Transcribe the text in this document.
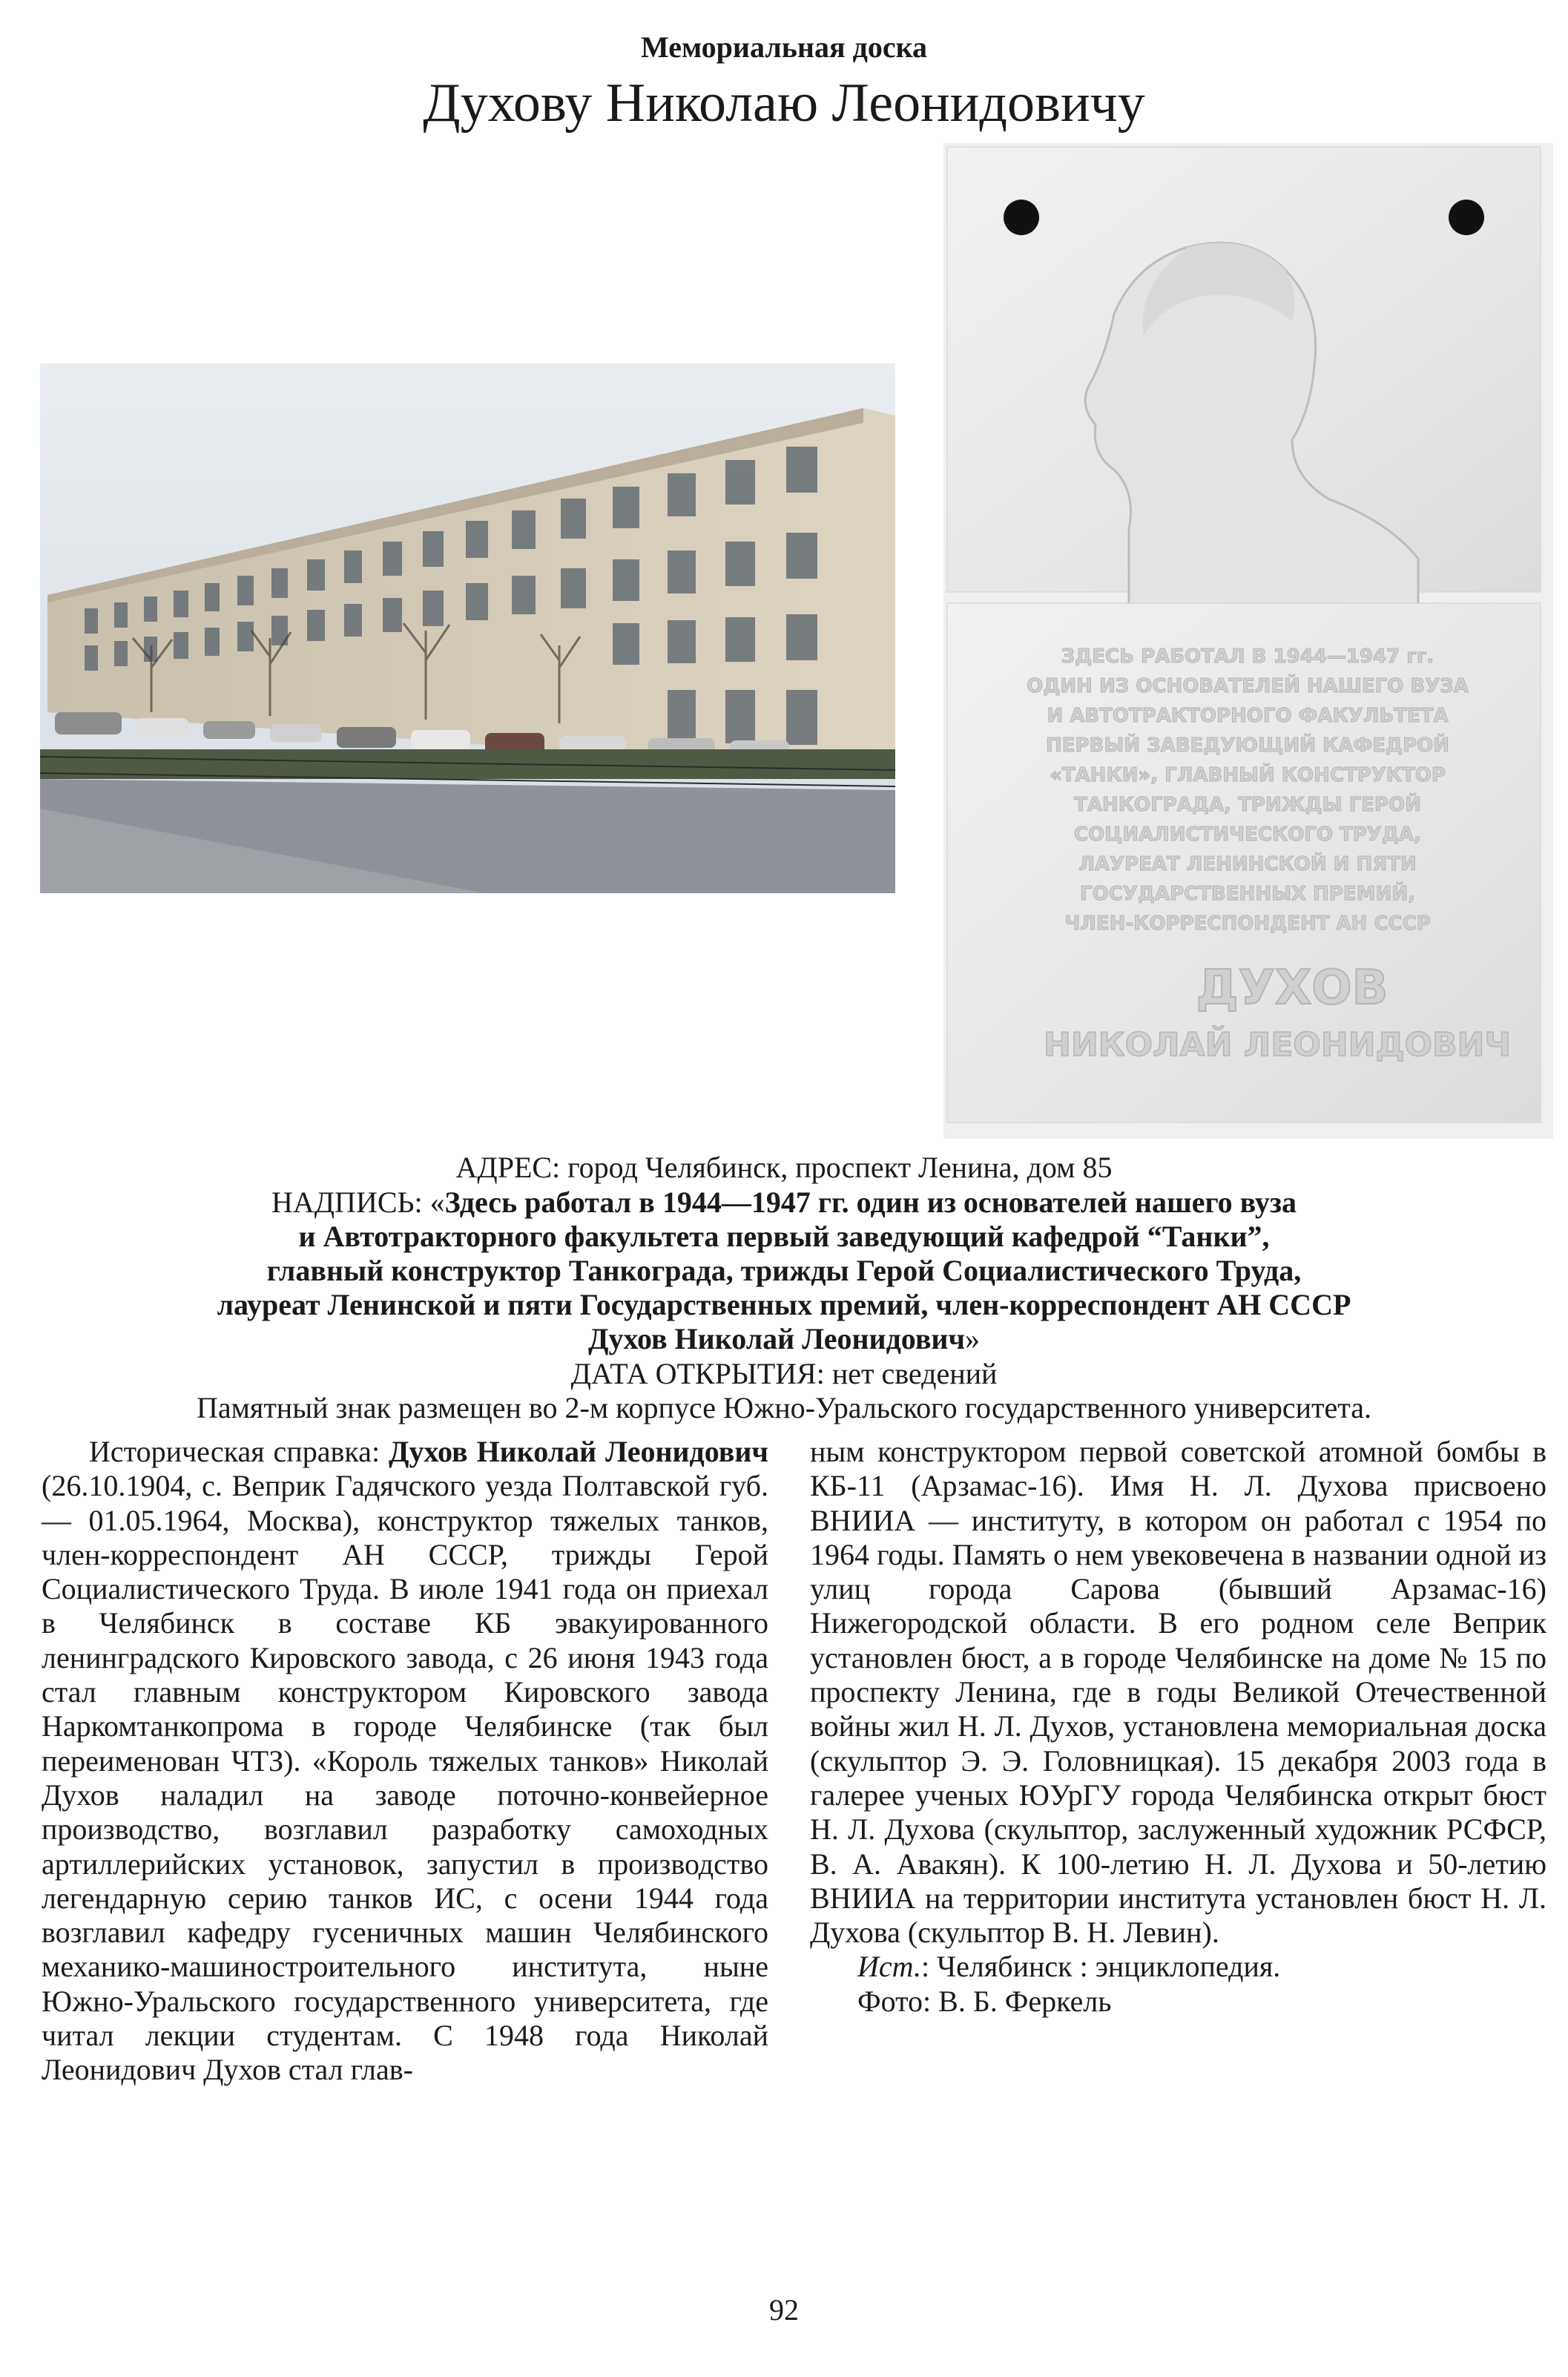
Мемориальная доска
Духову Николаю Леонидовичу
ЗДЕСЬ РАБОТАЛ В 1944—1947 гг.
ОДИН ИЗ ОСНОВАТЕЛЕЙ НАШЕГО ВУЗА
И АВТОТРАКТОРНОГО ФАКУЛЬТЕТА
ПЕРВЫЙ ЗАВЕДУЮЩИЙ КАФЕДРОЙ
«ТАНКИ», ГЛАВНЫЙ КОНСТРУКТОР
ТАНКОГРАДА, ТРИЖДЫ ГЕРОЙ
СОЦИАЛИСТИЧЕСКОГО ТРУДА,
ЛАУРЕАТ ЛЕНИНСКОЙ И ПЯТИ
ГОСУДАРСТВЕННЫХ ПРЕМИЙ,
ЧЛЕН-КОРРЕСПОНДЕНТ АН СССР
ДУХОВ
НИКОЛАЙ ЛЕОНИДОВИЧ
АДРЕС: город Челябинск, проспект Ленина, дом 85
НАДПИСЬ: «Здесь работал в 1944—1947 гг. один из основателей нашего вуза
и Автотракторного факультета первый заведующий кафедрой “Танки”,
главный конструктор Танкограда, трижды Герой Социалистического Труда,
лауреат Ленинской и пяти Государственных премий, член-корреспондент АН СССР
Духов Николай Леонидович»
ДАТА ОТКРЫТИЯ: нет сведений
Памятный знак размещен во 2-м корпусе Южно-Уральского государственного университета.

Историческая справка: Духов Николай Леонидович (26.10.1904, с. Веприк Гадячского уезда Полтавской губ. — 01.05.1964, Москва), конструктор тяжелых танков, член-корреспондент АН СССР, трижды Герой Социалистического Труда. В июле 1941 года он приехал в Челябинск в составе КБ эвакуированного ленинградского Кировского завода, с 26 июня 1943 года стал главным конструктором Кировского завода Наркомтанкопрома в городе Челябинске (так был переименован ЧТЗ). «Король тяжелых танков» Николай Духов наладил на заводе поточно-конвейерное производство, возглавил разработку самоходных артиллерийских установок, запустил в производство легендарную серию танков ИС, с осени 1944 года возглавил кафедру гусеничных машин Челябинского механико-машиностроительного института, ныне Южно-Уральского государственного университета, где читал лекции студентам. С 1948 года Николай Леонидович Духов стал глав-

ным конструктором первой советской атомной бомбы в КБ-11 (Арзамас-16). Имя Н. Л. Духова присвоено ВНИИА — институту, в котором он работал с 1954 по 1964 годы. Память о нем увековечена в названии одной из улиц города Сарова (бывший Арзамас-16) Нижегородской области. В его родном селе Веприк установлен бюст, а в городе Челябинске на доме № 15 по проспекту Ленина, где в годы Великой Отечественной войны жил Н. Л. Духов, установлена мемориальная доска (скульптор Э. Э. Головницкая). 15 декабря 2003 года в галерее ученых ЮУрГУ города Челябинска открыт бюст Н. Л. Духова (скульптор, заслуженный художник РСФСР, В. А. Авакян). К 100-летию Н. Л. Духова и 50-летию ВНИИА на территории института установлен бюст Н. Л. Духова (скульптор В. Н. Левин).

Ист.: Челябинск : энциклопедия.

Фото: В. Б. Феркель

92
